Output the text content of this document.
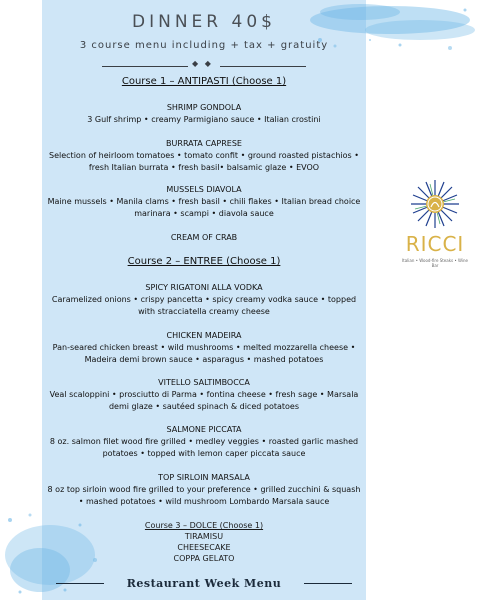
DINNER 40$
3 course menu including + tax + gratuity
◆ ◆
Course 1 – ANTIPASTI (Choose 1)
SHRIMP GONDOLA
3 Gulf shrimp • creamy Parmigiano sauce • Italian crostini
BURRATA CAPRESE
Selection of heirloom tomatoes • tomato confit • ground roasted pistachios • fresh Italian burrata • fresh basil• balsamic glaze • EVOO
MUSSELS DIAVOLA
Maine mussels • Manila clams • fresh basil • chili flakes • Italian bread choice marinara • scampi • diavola sauce
CREAM OF CRAB
Course 2 – ENTREE (Choose 1)
SPICY RIGATONI ALLA VODKA
Caramelized onions • crispy pancetta • spicy creamy vodka sauce • topped with stracciatella creamy cheese
CHICKEN MADEIRA
Pan-seared chicken breast • wild mushrooms • melted mozzarella cheese • Madeira demi brown sauce • asparagus • mashed potatoes
VITELLO SALTIMBOCCA
Veal scaloppini • prosciutto di Parma • fontina cheese • fresh sage • Marsala demi glaze • sautéed spinach & diced potatoes
SALMONE PICCATA
8 oz. salmon filet wood fire grilled • medley veggies • roasted garlic mashed potatoes • topped with lemon caper piccata sauce
TOP SIRLOIN MARSALA
8 oz top sirloin wood fire grilled to your preference • grilled zucchini & squash • mashed potatoes • wild mushroom Lombardo Marsala sauce
Course 3 – DOLCE (Choose 1)
TIRAMISU
CHEESECAKE
COPPA GELATO
Restaurant Week Menu
RICCI
Italian • Wood-fire Steaks • Wine Bar
